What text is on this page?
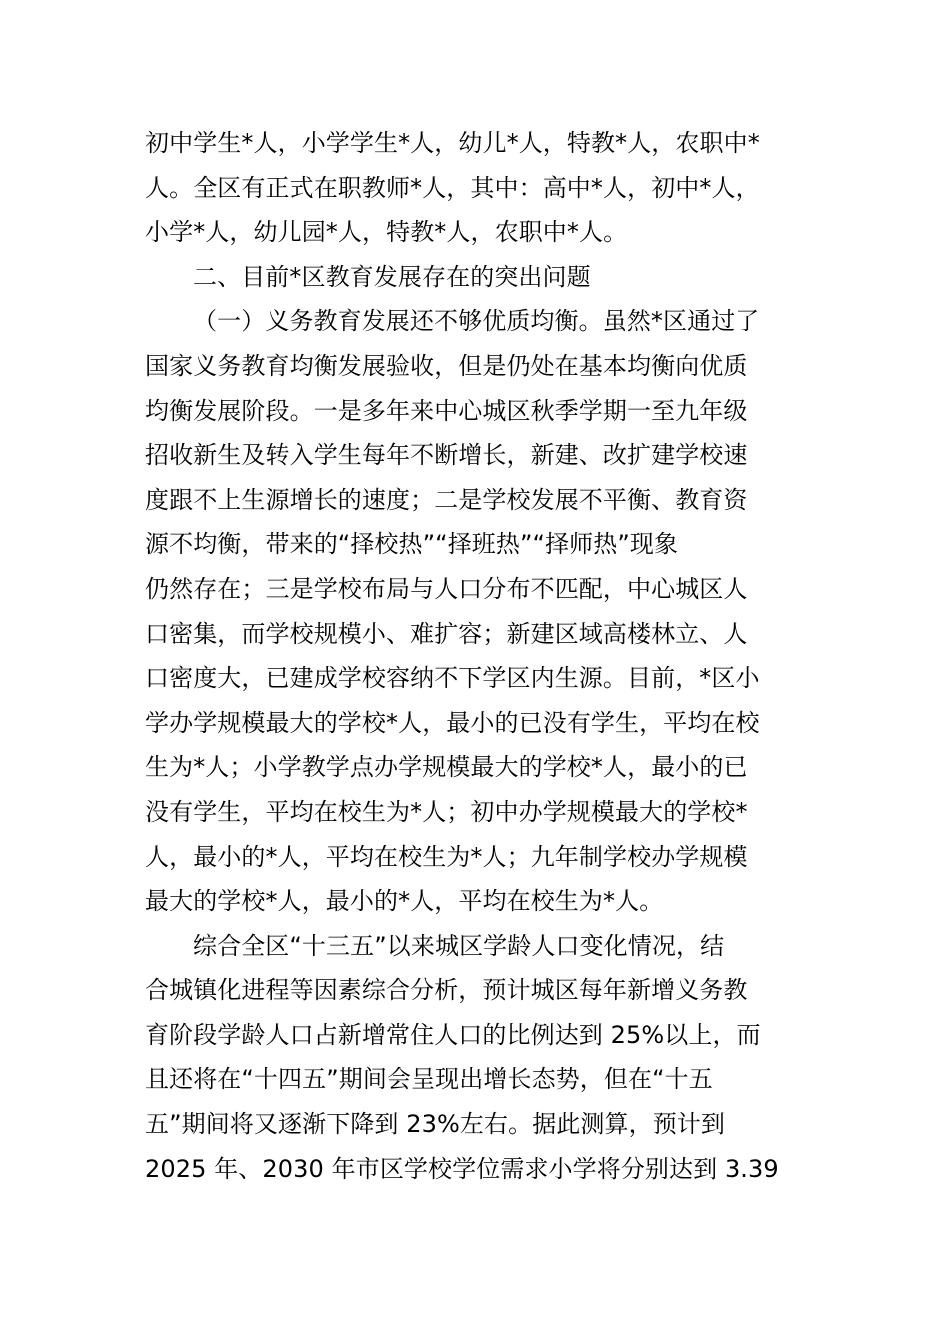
初中学生*人，小学学生*人，幼儿*人，特教*人，农职中*
人。全区有正式在职教师*人，其中：高中*人，初中*人，
小学*人，幼儿园*人，特教*人，农职中*人。
二、目前*区教育发展存在的突出问题
（一）义务教育发展还不够优质均衡。虽然*区通过了
国家义务教育均衡发展验收，但是仍处在基本均衡向优质
均衡发展阶段。一是多年来中心城区秋季学期一至九年级
招收新生及转入学生每年不断增长，新建、改扩建学校速
度跟不上生源增长的速度；二是学校发展不平衡、教育资
源不均衡，带来的“择校热”“择班热”“择师热”现象
仍然存在；三是学校布局与人口分布不匹配，中心城区人
口密集，而学校规模小、难扩容；新建区域高楼林立、人
口密度大，已建成学校容纳不下学区内生源。目前，*区小
学办学规模最大的学校*人，最小的已没有学生，平均在校
生为*人；小学教学点办学规模最大的学校*人，最小的已
没有学生，平均在校生为*人；初中办学规模最大的学校*
人，最小的*人，平均在校生为*人；九年制学校办学规模
最大的学校*人，最小的*人，平均在校生为*人。
综合全区“十三五”以来城区学龄人口变化情况，结
合城镇化进程等因素综合分析，预计城区每年新增义务教
育阶段学龄人口占新增常住人口的比例达到 25%以上，而
且还将在“十四五”期间会呈现出增长态势，但在“十五
五”期间将又逐渐下降到 23%左右。据此测算，预计到
2025 年、2030 年市区学校学位需求小学将分别达到 3.39
